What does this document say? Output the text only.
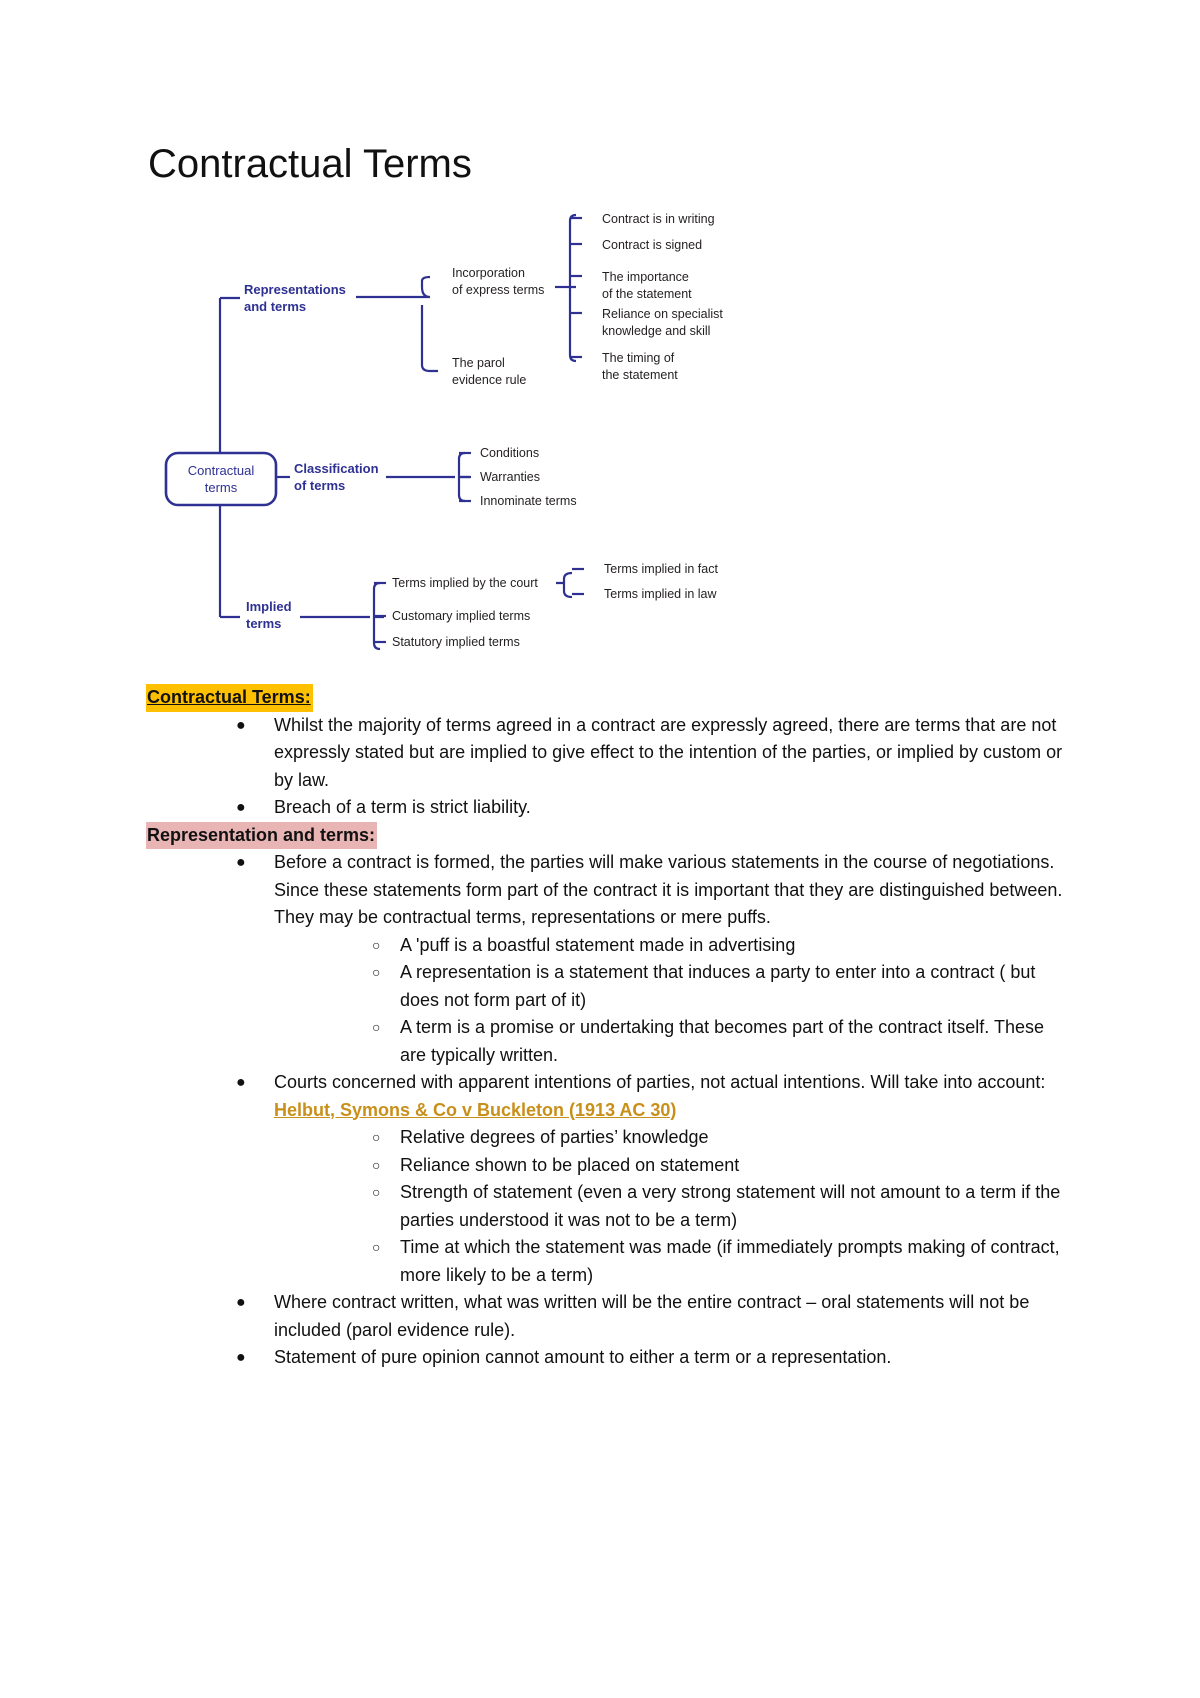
Contractual Terms
Contractual terms
Representations and terms
Classification of terms
Implied terms
Incorporation of express terms
The parol evidence rule
Contract is in writing
Contract is signed
The importance of the statement
Reliance on specialist knowledge and skill
The timing of the statement
Conditions
Warranties
Innominate terms
Terms implied by the court
Customary implied terms
Statutory implied terms
Terms implied in fact
Terms implied in law
Contractual Terms:
● Whilst the majority of terms agreed in a contract are expressly agreed, there are terms that are not expressly stated but are implied to give effect to the intention of the parties, or implied by custom or by law.
● Breach of a term is strict liability.
Representation and terms:
● Before a contract is formed, the parties will make various statements in the course of negotiations. Since these statements form part of the contract it is important that they are distinguished between. They may be contractual terms, representations or mere puffs.
○ A 'puff is a boastful statement made in advertising
○ A representation is a statement that induces a party to enter into a contract ( but does not form part of it)
○ A term is a promise or undertaking that becomes part of the contract itself. These are typically written.
● Courts concerned with apparent intentions of parties, not actual intentions. Will take into account: Helbut, Symons & Co v Buckleton (1913 AC 30)
○ Relative degrees of parties’ knowledge
○ Reliance shown to be placed on statement
○ Strength of statement (even a very strong statement will not amount to a term if the parties understood it was not to be a term)
○ Time at which the statement was made (if immediately prompts making of contract, more likely to be a term)
● Where contract written, what was written will be the entire contract – oral statements will not be included (parol evidence rule).
● Statement of pure opinion cannot amount to either a term or a representation.
